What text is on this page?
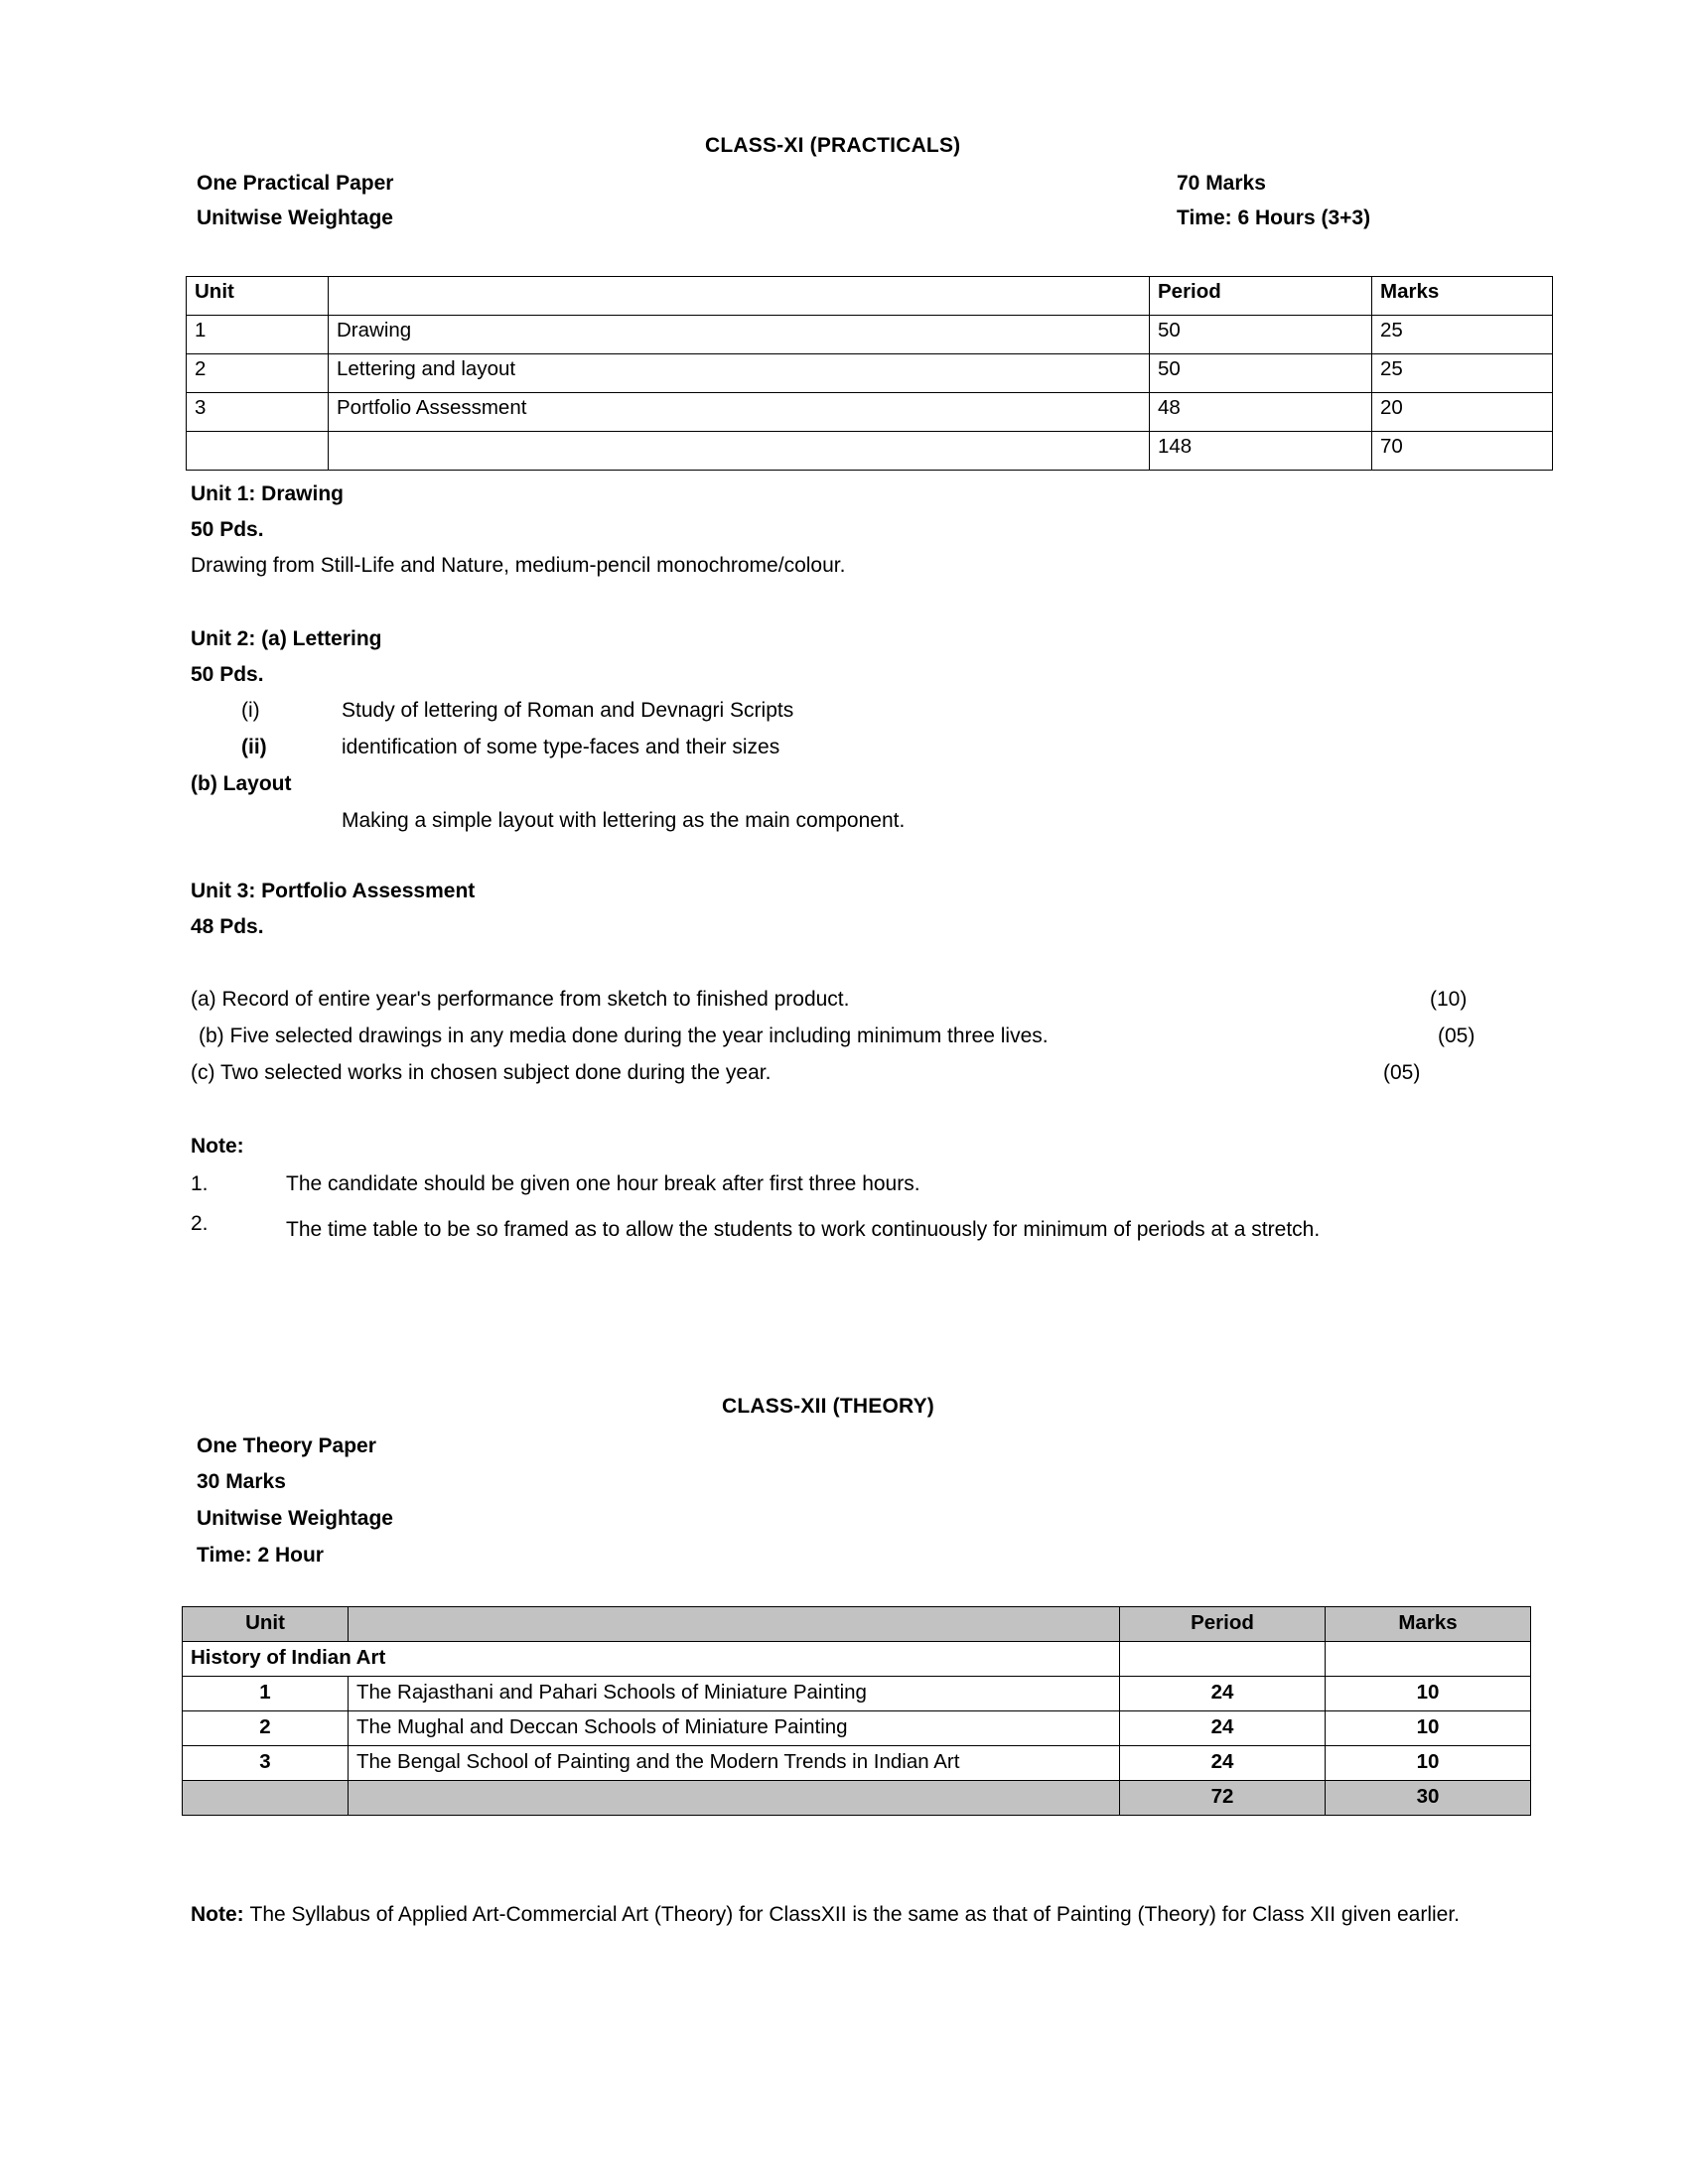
CLASS-XI (PRACTICALS)
One Practical Paper
Unitwise Weightage
70 Marks
Time: 6 Hours (3+3)
Unit		Period	Marks
1	Drawing	50	25
2	Lettering and layout	50	25
3	Portfolio Assessment	48	20
		148	70
Unit 1: Drawing
50 Pds.
Drawing from Still-Life and Nature, medium-pencil monochrome/colour.
Unit 2: (a) Lettering
50 Pds.
(i)	Study of lettering of Roman and Devnagri Scripts
(ii)	identification of some type-faces and their sizes
(b) Layout
Making a simple layout with lettering as the main component.
Unit 3: Portfolio Assessment
48 Pds.
(a) Record of entire year's performance from sketch to finished product.	(10)
(b) Five selected drawings in any media done during the year including minimum three lives.	(05)
(c) Two selected works in chosen subject done during the year.	(05)
Note:
1.	The candidate should be given one hour break after first three hours.
2.	The time table to be so framed as to allow the students to work continuously for minimum of periods at a stretch.
CLASS-XII (THEORY)
One Theory Paper
30 Marks
Unitwise Weightage
Time: 2 Hour
Unit		Period	Marks
History of Indian Art			
1	The Rajasthani and Pahari Schools of Miniature Painting	24	10
2	The Mughal and Deccan Schools of Miniature Painting	24	10
3	The Bengal School of Painting and the Modern Trends in Indian Art	24	10
		72	30
Note: The Syllabus of Applied Art-Commercial Art (Theory) for ClassXII is the same as that of Painting (Theory) for Class XII given earlier.
